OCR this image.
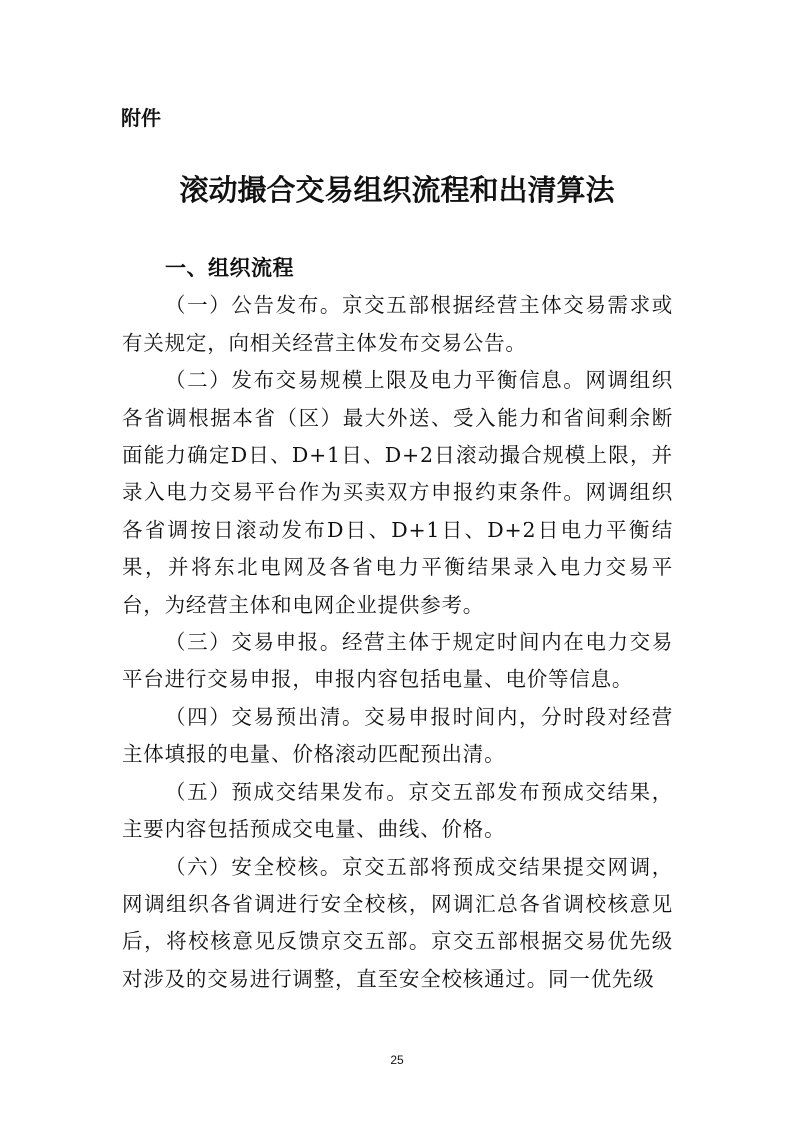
附件
滚动撮合交易组织流程和出清算法

一、组织流程

（一）公告发布。京交五部根据经营主体交易需求或有关规定，向相关经营主体发布交易公告。

（二）发布交易规模上限及电力平衡信息。网调组织各省调根据本省（区）最大外送、受入能力和省间剩余断面能力确定D日、D+1日、D+2日滚动撮合规模上限，并录入电力交易平台作为买卖双方申报约束条件。网调组织各省调按日滚动发布D日、D+1日、D+2日电力平衡结果，并将东北电网及各省电力平衡结果录入电力交易平台，为经营主体和电网企业提供参考。

（三）交易申报。经营主体于规定时间内在电力交易平台进行交易申报，申报内容包括电量、电价等信息。

（四）交易预出清。交易申报时间内，分时段对经营主体填报的电量、价格滚动匹配预出清。

（五）预成交结果发布。京交五部发布预成交结果，主要内容包括预成交电量、曲线、价格。

（六）安全校核。京交五部将预成交结果提交网调，网调组织各省调进行安全校核，网调汇总各省调校核意见后，将校核意见反馈京交五部。京交五部根据交易优先级对涉及的交易进行调整，直至安全校核通过。同一优先级

25
